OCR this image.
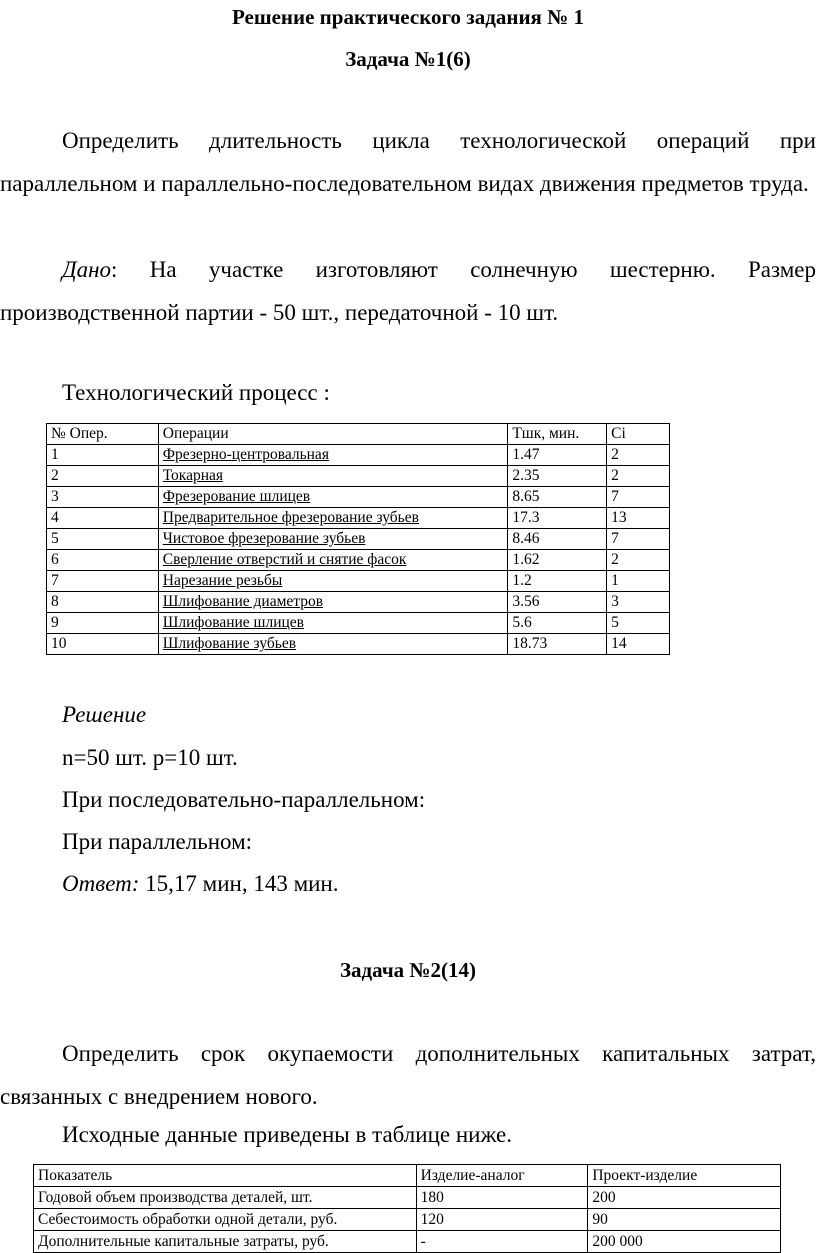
Решение практического задания № 1
Задача №1(6)

Определить длительность цикла технологической операций при параллельном и параллельно-последовательном видах движения предметов труда.

Дано: На участке изготовляют солнечную шестерню. Размер производственной партии - 50 шт., передаточной - 10 шт.

Технологический процесс :
№ Опер.	Операции	Тшк, мин.	Ci
1	Фрезерно-центровальная	1.47	2
2	Токарная	2.35	2
3	Фрезерование шлицев	8.65	7
4	Предварительное фрезерование зубьев	17.3	13
5	Чистовое фрезерование зубьев	8.46	7
6	Сверление отверстий и снятие фасок	1.62	2
7	Нарезание резьбы	1.2	1
8	Шлифование диаметров	3.56	3
9	Шлифование шлицев	5.6	5
10	Шлифование зубьев	18.73	14
Решение
n=50 шт. p=10 шт.
При последовательно-параллельном:
При параллельном:
Ответ: 15,17 мин, 143 мин.
Задача №2(14)

Определить срок окупаемости дополнительных капитальных затрат, связанных с внедрением нового.

Исходные данные приведены в таблице ниже.
Показатель	Изделие-аналог	Проект-изделие
Годовой объем производства деталей, шт.	180	200
Себестоимость обработки одной детали, руб.	120	90
Дополнительные капитальные затраты, руб.	-	200 000
